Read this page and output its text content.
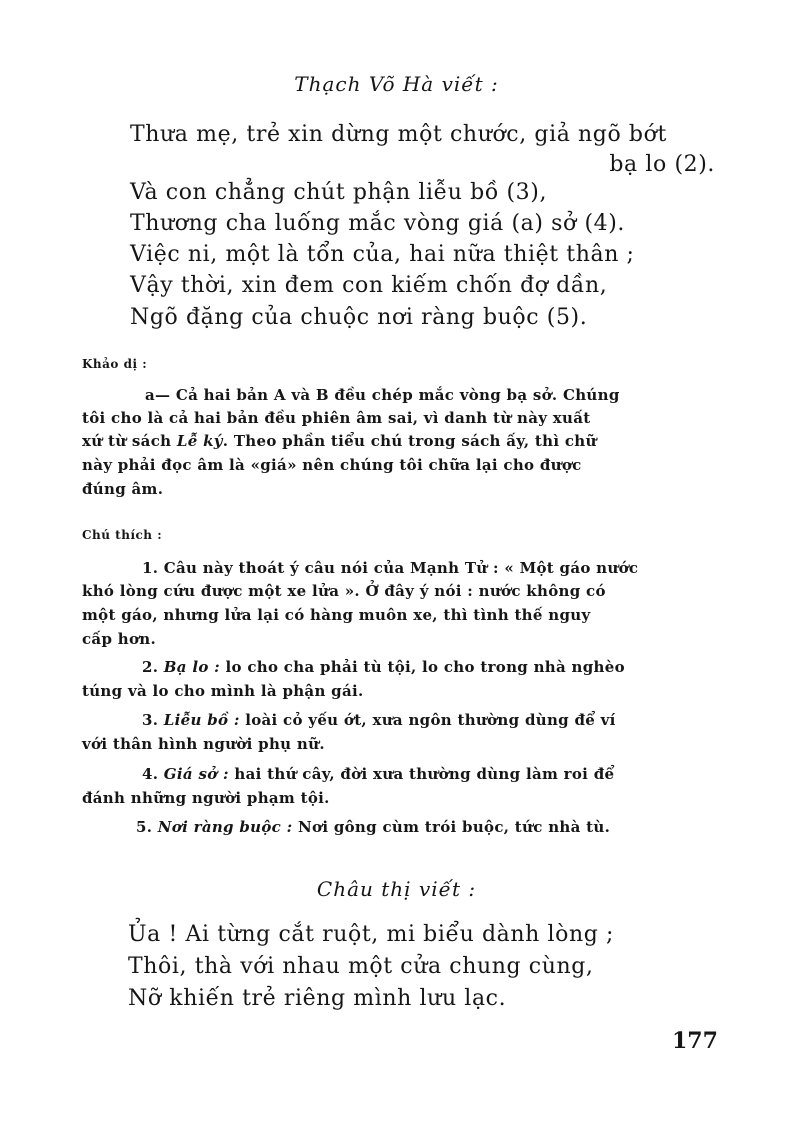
Thạch Võ Hà viết :
Thưa mẹ, trẻ xin dừng một chước, giả ngõ bớt
bạ lo (2).
Và con chẳng chút phận liễu bồ (3),
Thương cha luống mắc vòng giá (a) sở (4).
Việc ni, một là tổn của, hai nữa thiệt thân ;
Vậy thời, xin đem con kiếm chốn đợ dần,
Ngõ đặng của chuộc nơi ràng buộc (5).
Khảo dị :
a— Cả hai bản A và B đều chép mắc vòng bạ sở. Chúng
tôi cho là cả hai bản đều phiên âm sai, vì danh từ này xuất
xứ từ sách Lễ ký. Theo phần tiểu chú trong sách ấy, thì chữ
này phải đọc âm là «giá» nên chúng tôi chữa lại cho được
đúng âm.
Chú thích :
1. Câu này thoát ý câu nói của Mạnh Tử : « Một gáo nước
khó lòng cứu được một xe lửa ». Ở đây ý nói : nước không có
một gáo, nhưng lửa lại có hàng muôn xe, thì tình thế nguy
cấp hơn.
2. Bạ lo : lo cho cha phải tù tội, lo cho trong nhà nghèo
túng và lo cho mình là phận gái.
3. Liễu bồ : loài cỏ yếu ớt, xưa ngôn thường dùng để ví
với thân hình người phụ nữ.
4. Giá sở : hai thứ cây, đời xưa thường dùng làm roi để
đánh những người phạm tội.
5. Nơi ràng buộc : Nơi gông cùm trói buộc, tức nhà tù.
Châu thị viết :
Ủa ! Ai từng cắt ruột, mi biểu dành lòng ;
Thôi, thà với nhau một cửa chung cùng,
Nỡ khiến trẻ riêng mình lưu lạc.
177
